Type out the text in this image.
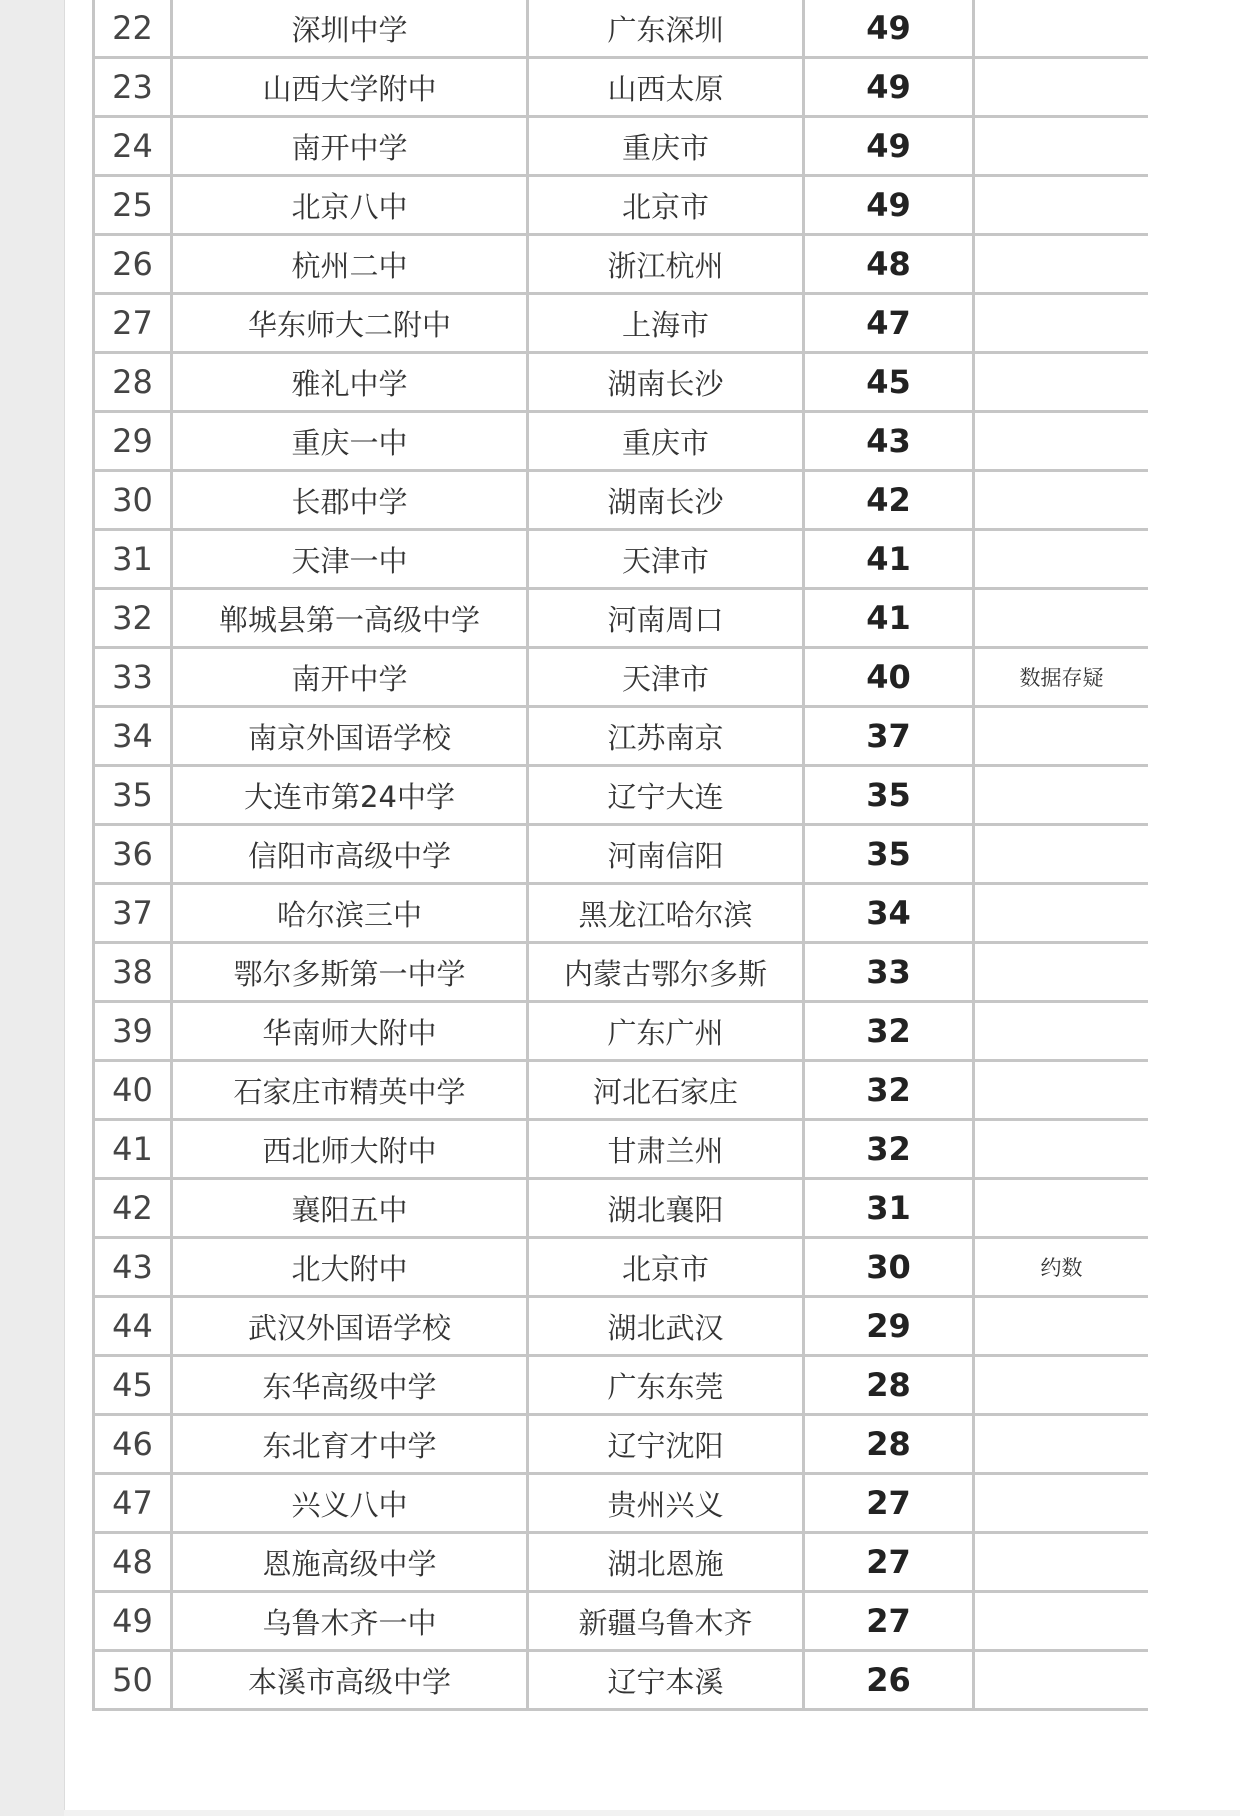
22	深圳中学	广东深圳	49	
23	山西大学附中	山西太原	49	
24	南开中学	重庆市	49	
25	北京八中	北京市	49	
26	杭州二中	浙江杭州	48	
27	华东师大二附中	上海市	47	
28	雅礼中学	湖南长沙	45	
29	重庆一中	重庆市	43	
30	长郡中学	湖南长沙	42	
31	天津一中	天津市	41	
32	郸城县第一高级中学	河南周口	41	
33	南开中学	天津市	40	数据存疑
34	南京外国语学校	江苏南京	37	
35	大连市第24中学	辽宁大连	35	
36	信阳市高级中学	河南信阳	35	
37	哈尔滨三中	黑龙江哈尔滨	34	
38	鄂尔多斯第一中学	内蒙古鄂尔多斯	33	
39	华南师大附中	广东广州	32	
40	石家庄市精英中学	河北石家庄	32	
41	西北师大附中	甘肃兰州	32	
42	襄阳五中	湖北襄阳	31	
43	北大附中	北京市	30	约数
44	武汉外国语学校	湖北武汉	29	
45	东华高级中学	广东东莞	28	
46	东北育才中学	辽宁沈阳	28	
47	兴义八中	贵州兴义	27	
48	恩施高级中学	湖北恩施	27	
49	乌鲁木齐一中	新疆乌鲁木齐	27	
50	本溪市高级中学	辽宁本溪	26	
